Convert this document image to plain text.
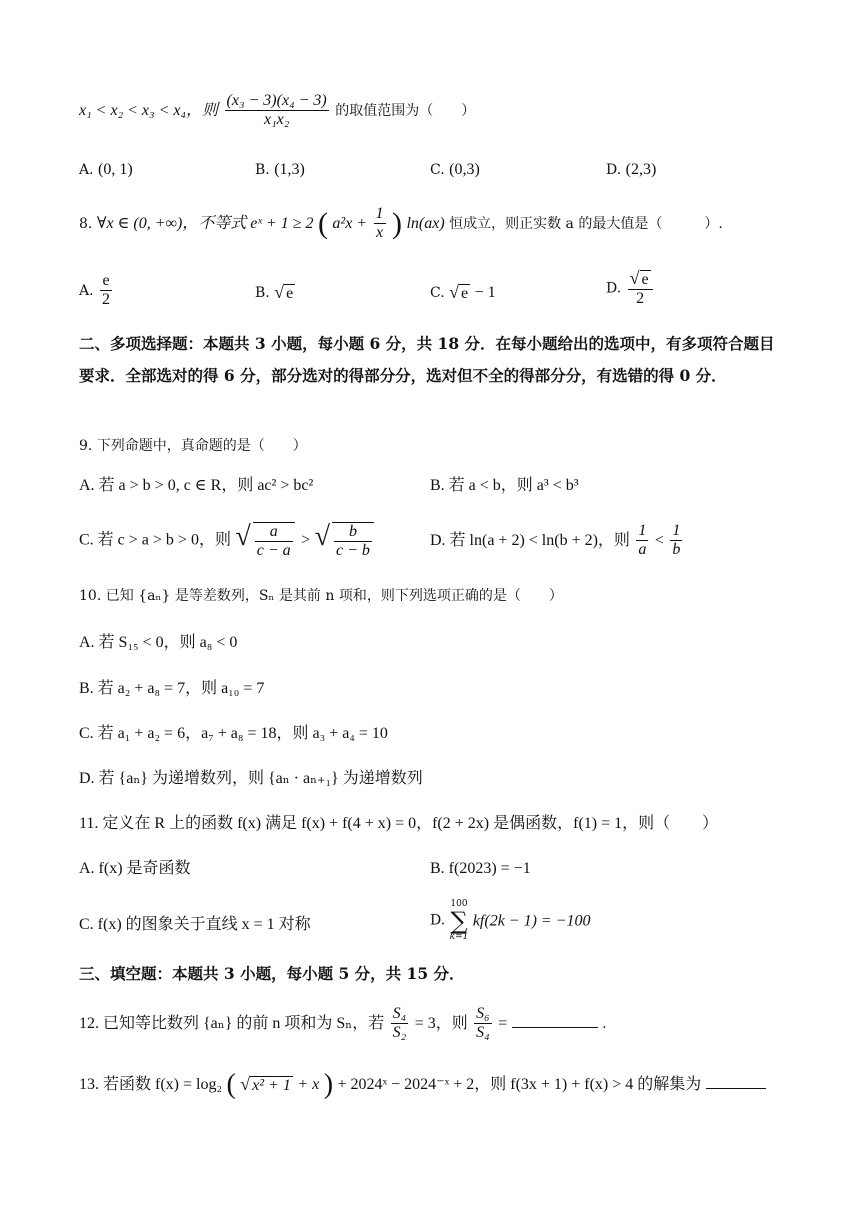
x₁ < x₂ < x₃ < x₄，则 $\frac{\text{(x₃ − 3)(x₄ − 3)}}{\text{x₁x₂}}$ 的取值范围为（　　）
A. (0, 1)	B. (1,3)	C. (0,3)	D. (2,3)
8. ∀x ∈ (0, +∞)，不等式 eˣ + 1 ≥ 2 ( $a^2x + \frac{1}{x}$ ) ln(ax) 恒成立，则正实数 a 的最大值是（　　　）.
A. $\frac{e}{2}$	B. √ e	C. √ e − 1	D. $\frac{√ e}{2}$
二、多项选择题：本题共 3 小题，每小题 6 分，共 18 分．在每小题给出的选项中，有多项符合题目要求．全部选对的得 6 分，部分选对的得部分分，选对但不全的得部分分，有选错的得 0 分．
9. 下列命题中，真命题的是（　　）
A. 若 a > b > 0, c ∈ R，则 ac² > bc²	B. 若 a < b，则 a³ < b³
C. 若 c > a > b > 0，则 √ $\frac{a}{c - a}$ > √ $\frac{b}{c - b}$	D. 若 ln(a + 2) < ln(b + 2)，则 $\frac{1}{a} < \frac{1}{b}$
10. 已知 {aₙ} 是等差数列，Sₙ 是其前 n 项和，则下列选项正确的是（　　）
A. 若 S₁₅ < 0，则 a₈ < 0
B. 若 a₂ + a₈ = 7，则 a₁₀ = 7
C. 若 a₁ + a₂ = 6，a₇ + a₈ = 18，则 a₃ + a₄ = 10
D. 若 {aₙ} 为递增数列，则 {aₙ · aₙ₊₁} 为递增数列
11. 定义在 R 上的函数 f(x) 满足 f(x) + f(4 + x) = 0，f(2 + 2x) 是偶函数，f(1) = 1，则（　　）
A. f(x) 是奇函数	B. f(2023) = −1
C. f(x) 的图象关于直线 x = 1 对称	D.
100
∑
k=1
kf(2k − 1) = −100
三、填空题：本题共 3 小题，每小题 5 分，共 15 分．
12. 已知等比数列 {aₙ} 的前 n 项和为 Sₙ，若 $\frac{\text{S₄}}{\text{S₂}} = 3$，则 $\frac{\text{S₆}}{\text{S₄}}$ =	.
13. 若函数 f(x) = log₂ ( √ x² + 1 + x ) + 2024ˣ − 2024⁻ˣ + 2，则 f(3x + 1) + f(x) > 4 的解集为
